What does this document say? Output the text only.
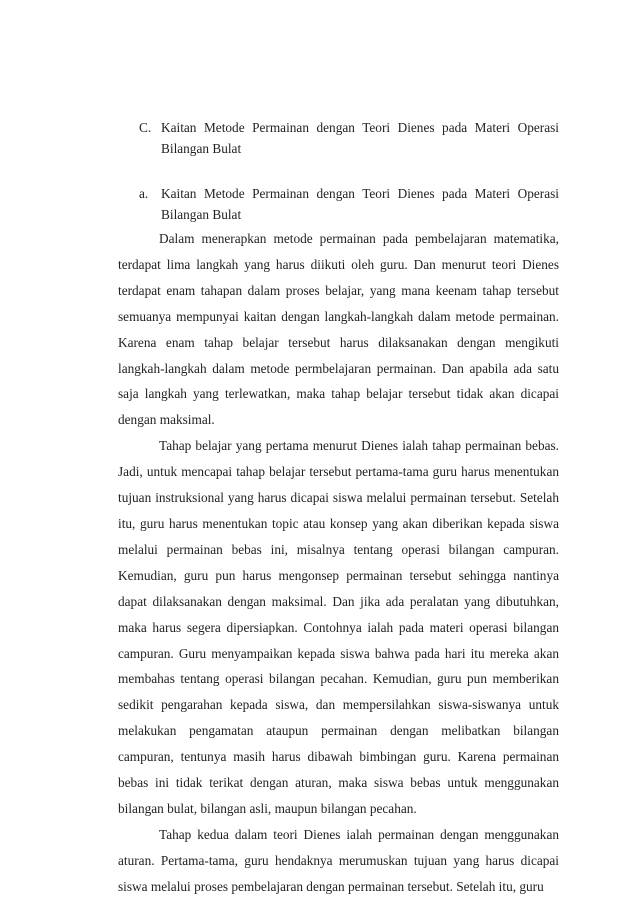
C. Kaitan Metode Permainan dengan Teori Dienes pada Materi Operasi Bilangan Bulat
a. Kaitan Metode Permainan dengan Teori Dienes pada Materi Operasi Bilangan Bulat

Dalam menerapkan metode permainan pada pembelajaran matematika, terdapat lima langkah yang harus diikuti oleh guru. Dan menurut teori Dienes terdapat enam tahapan dalam proses belajar, yang mana keenam tahap tersebut semuanya mempunyai kaitan dengan langkah-langkah dalam metode permainan. Karena enam tahap belajar tersebut harus dilaksanakan dengan mengikuti langkah-langkah dalam metode permbelajaran permainan. Dan apabila ada satu saja langkah yang terlewatkan, maka tahap belajar tersebut tidak akan dicapai dengan maksimal.

Tahap belajar yang pertama menurut Dienes ialah tahap permainan bebas. Jadi, untuk mencapai tahap belajar tersebut pertama-tama guru harus menentukan tujuan instruksional yang harus dicapai siswa melalui permainan tersebut. Setelah itu, guru harus menentukan topic atau konsep yang akan diberikan kepada siswa melalui permainan bebas ini, misalnya tentang operasi bilangan campuran. Kemudian, guru pun harus mengonsep permainan tersebut sehingga nantinya dapat dilaksanakan dengan maksimal. Dan jika ada peralatan yang dibutuhkan, maka harus segera dipersiapkan. Contohnya ialah pada materi operasi bilangan campuran. Guru menyampaikan kepada siswa bahwa pada hari itu mereka akan membahas tentang operasi bilangan pecahan. Kemudian, guru pun memberikan sedikit pengarahan kepada siswa, dan mempersilahkan siswa-siswanya untuk melakukan pengamatan ataupun permainan dengan melibatkan bilangan campuran, tentunya masih harus dibawah bimbingan guru. Karena permainan bebas ini tidak terikat dengan aturan, maka siswa bebas untuk menggunakan bilangan bulat, bilangan asli, maupun bilangan pecahan.

Tahap kedua dalam teori Dienes ialah permainan dengan menggunakan aturan. Pertama-tama, guru hendaknya merumuskan tujuan yang harus dicapai siswa melalui proses pembelajaran dengan permainan tersebut. Setelah itu, guru
